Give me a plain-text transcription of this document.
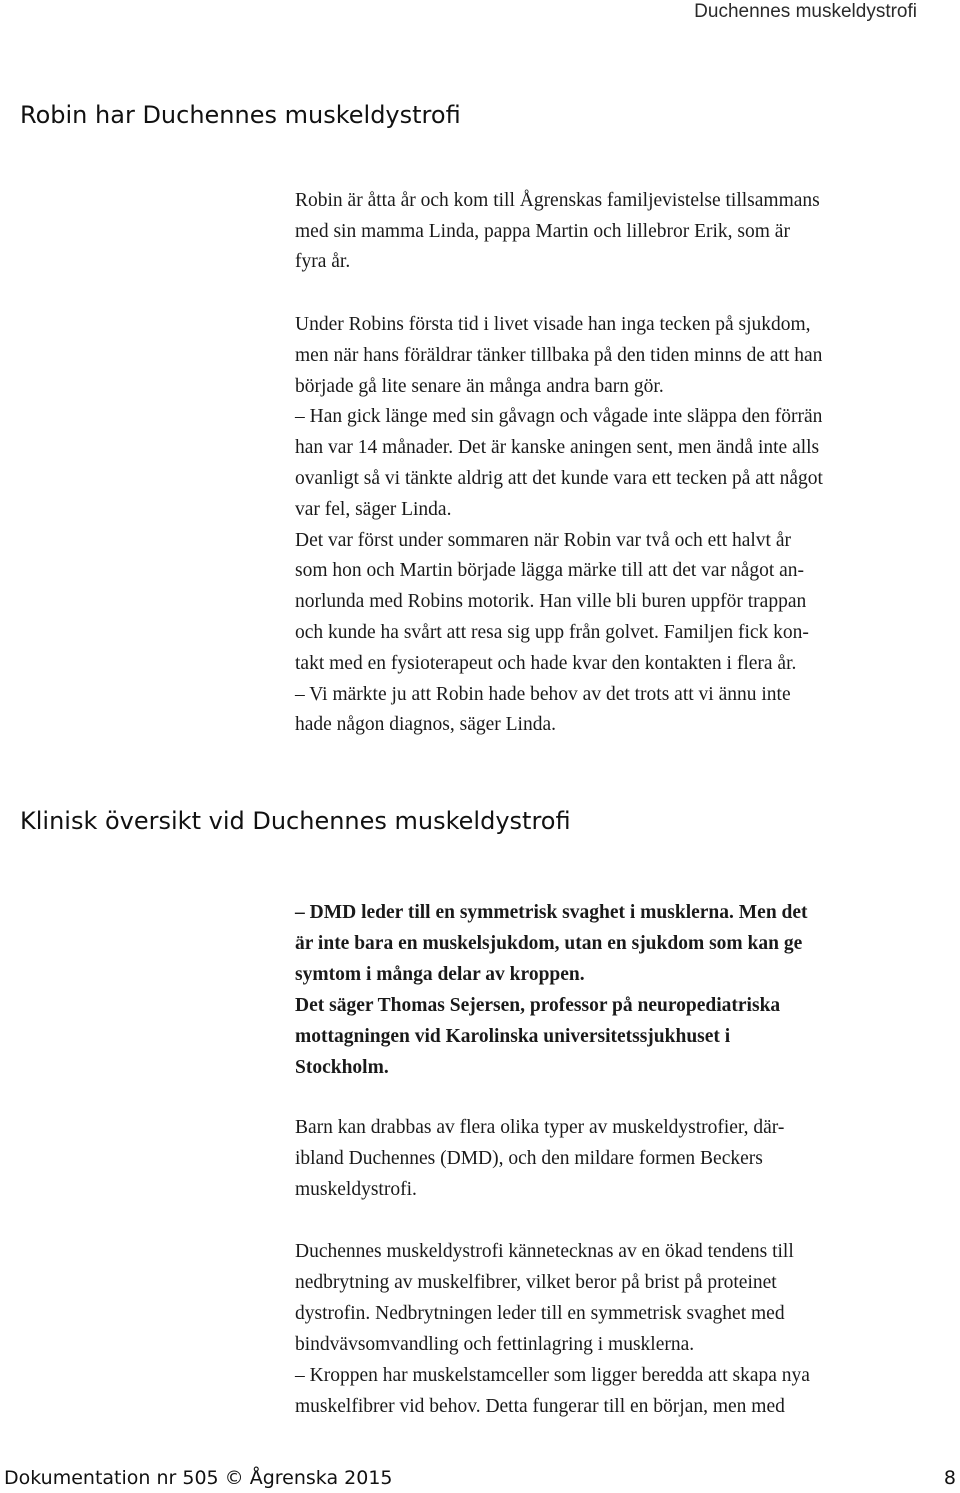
Duchennes muskeldystrofi

Robin har Duchennes muskeldystrofi

Robin är åtta år och kom till Ågrenskas familjevistelse tillsammans
med sin mamma Linda, pappa Martin och lillebror Erik, som är
fyra år.

Under Robins första tid i livet visade han inga tecken på sjukdom,
men när hans föräldrar tänker tillbaka på den tiden minns de att han
började gå lite senare än många andra barn gör.
– Han gick länge med sin gåvagn och vågade inte släppa den förrän
han var 14 månader. Det är kanske aningen sent, men ändå inte alls
ovanligt så vi tänkte aldrig att det kunde vara ett tecken på att något
var fel, säger Linda.
Det var först under sommaren när Robin var två och ett halvt år
som hon och Martin började lägga märke till att det var något an-
norlunda med Robins motorik. Han ville bli buren uppför trappan
och kunde ha svårt att resa sig upp från golvet. Familjen fick kon-
takt med en fysioterapeut och hade kvar den kontakten i flera år.
– Vi märkte ju att Robin hade behov av det trots att vi ännu inte
hade någon diagnos, säger Linda.

Klinisk översikt vid Duchennes muskeldystrofi

– DMD leder till en symmetrisk svaghet i musklerna. Men det
är inte bara en muskelsjukdom, utan en sjukdom som kan ge
symtom i många delar av kroppen.
Det säger Thomas Sejersen, professor på neuropediatriska
mottagningen vid Karolinska universitetssjukhuset i
Stockholm.

Barn kan drabbas av flera olika typer av muskeldystrofier, där-
ibland Duchennes (DMD), och den mildare formen Beckers
muskeldystrofi.

Duchennes muskeldystrofi kännetecknas av en ökad tendens till
nedbrytning av muskelfibrer, vilket beror på brist på proteinet
dystrofin. Nedbrytningen leder till en symmetrisk svaghet med
bindvävsomvandling och fettinlagring i musklerna.
– Kroppen har muskelstamceller som ligger beredda att skapa nya
muskelfibrer vid behov. Detta fungerar till en början, men med

Dokumentation nr 505 © Ågrenska 2015	8
